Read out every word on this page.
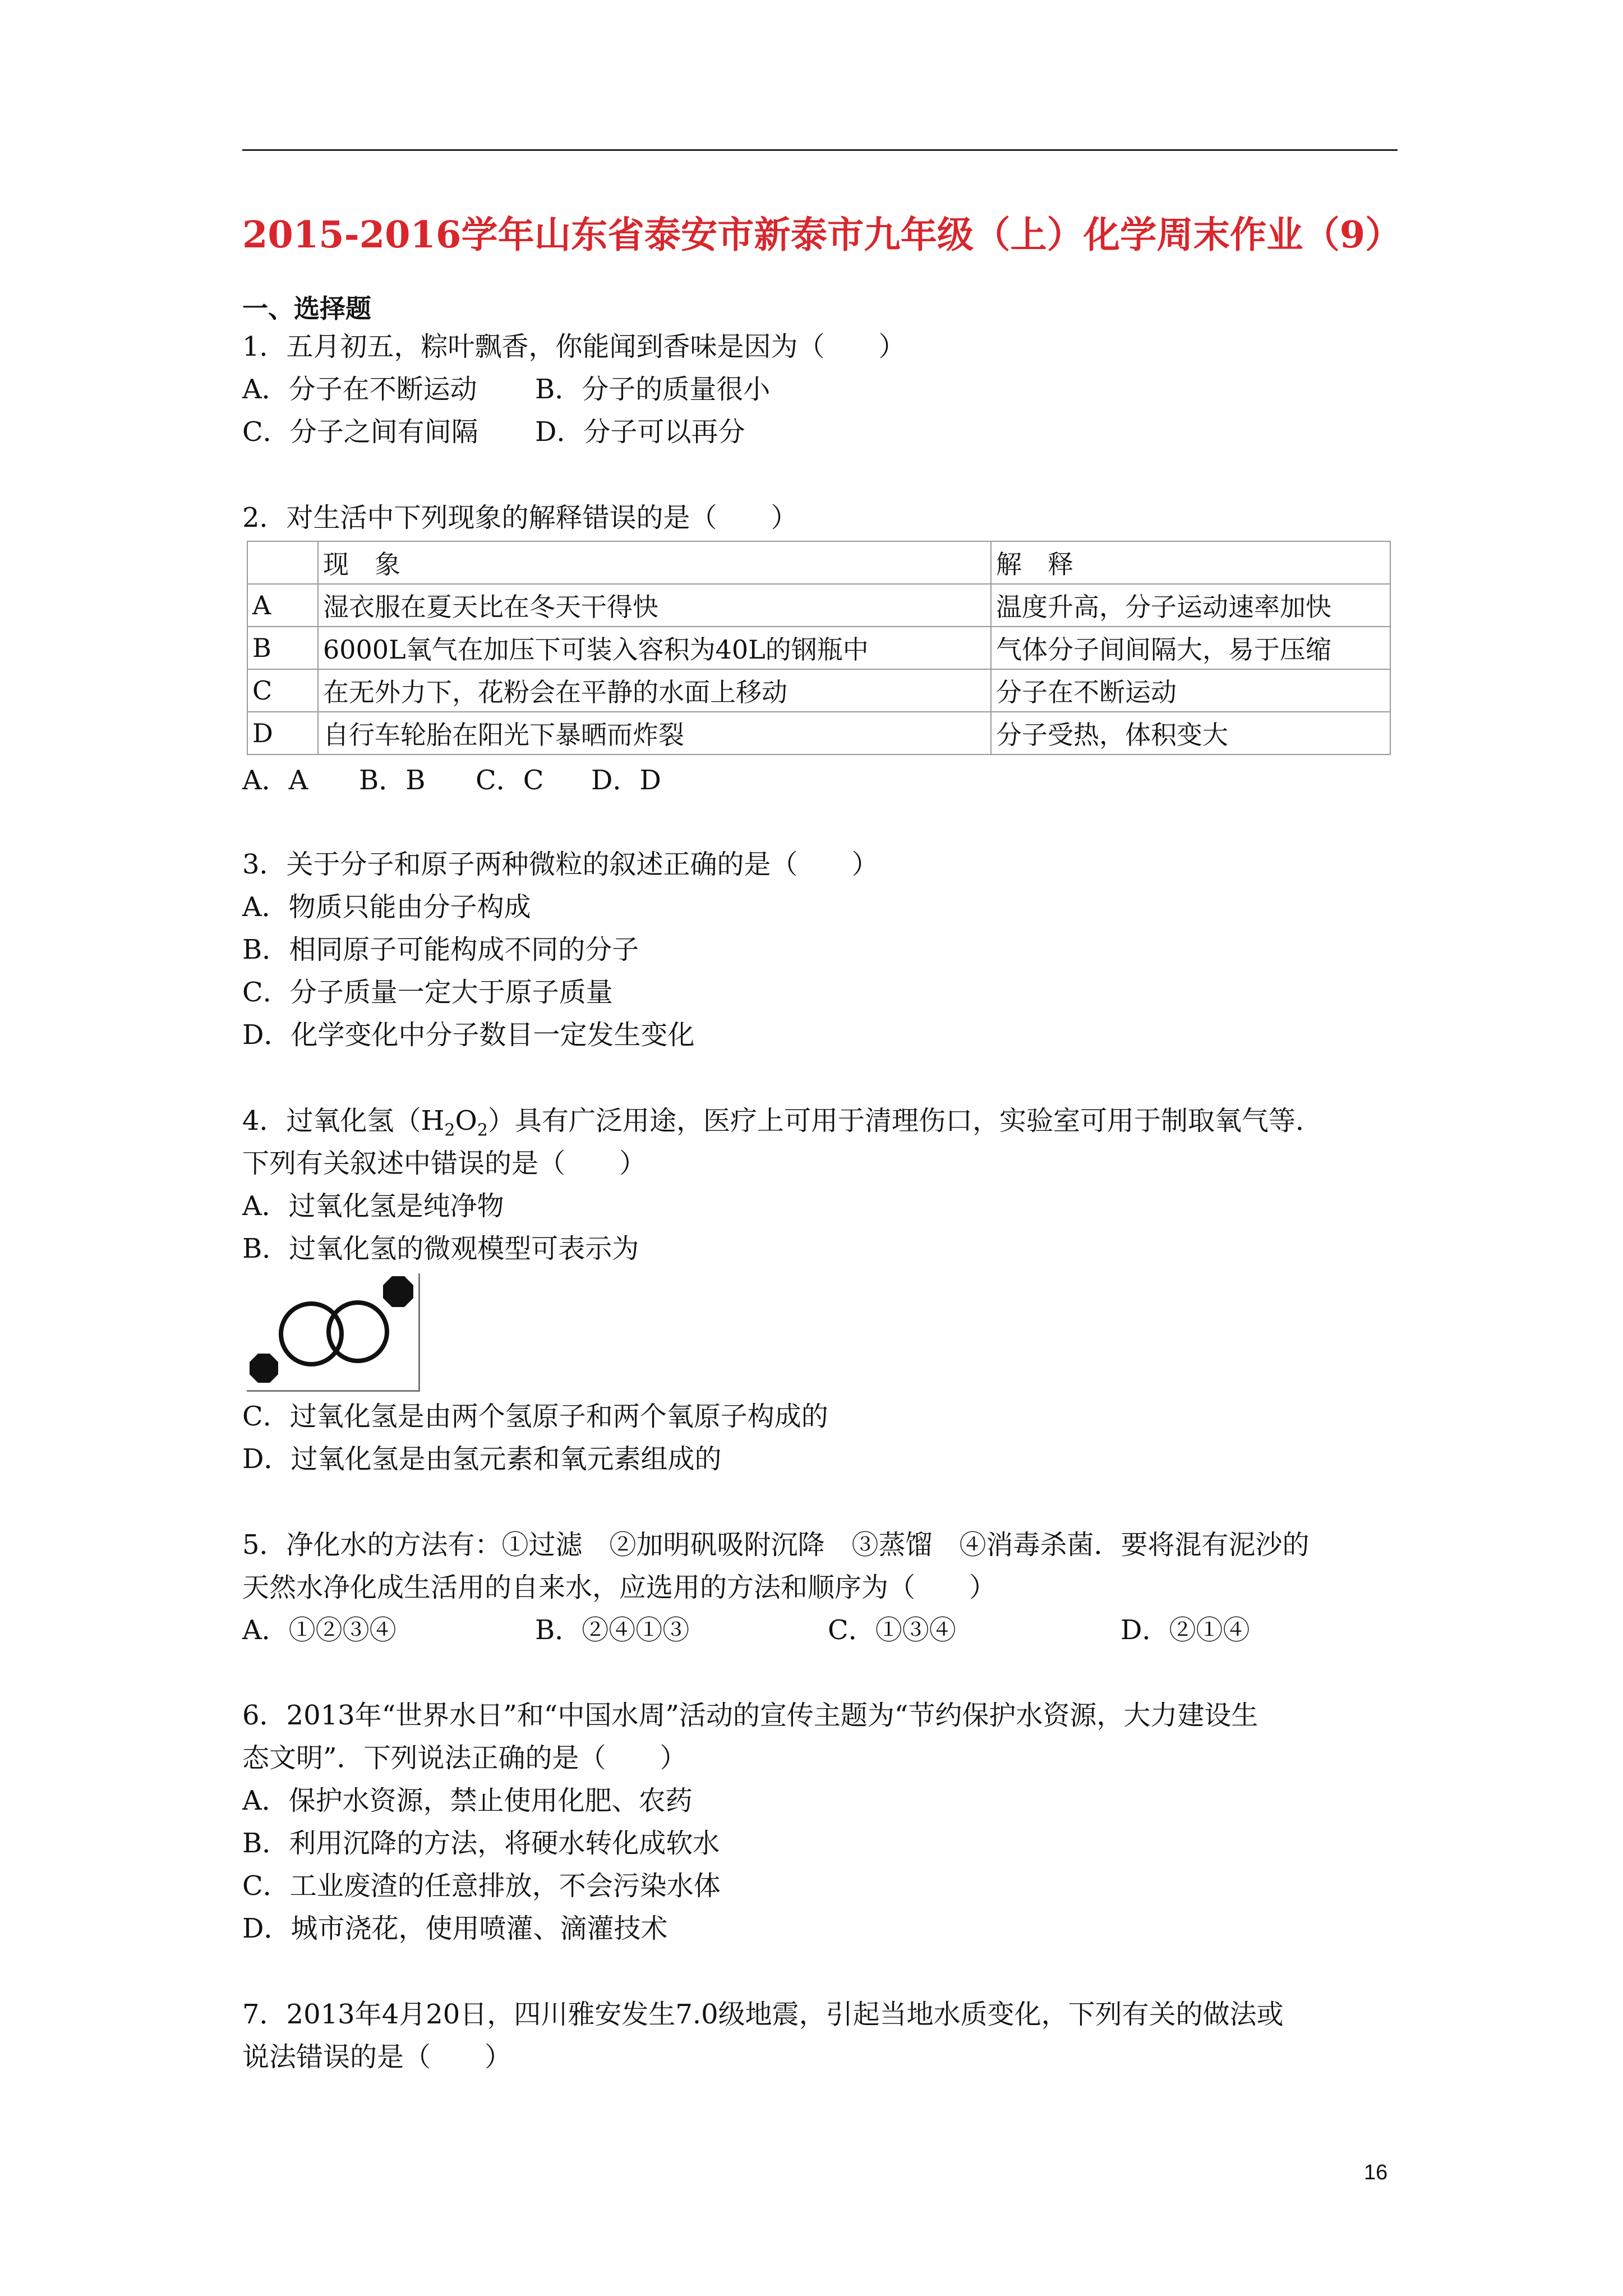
2015-2016学年山东省泰安市新泰市九年级（上）化学周末作业（9）
一、选择题
1．五月初五，粽叶飘香，你能闻到香味是因为（　　）
A．分子在不断运动 B．分子的质量很小
C．分子之间有间隔 D．分子可以再分
2．对生活中下列现象的解释错误的是（　　）
	现　象	解　释
A	湿衣服在夏天比在冬天干得快	温度升高，分子运动速率加快
B	6000L氧气在加压下可装入容积为40L的钢瓶中	气体分子间间隔大，易于压缩
C	在无外力下，花粉会在平静的水面上移动	分子在不断运动
D	自行车轮胎在阳光下暴晒而炸裂	分子受热，体积变大
A．A B．B C．C D．D
3．关于分子和原子两种微粒的叙述正确的是（　　）
A．物质只能由分子构成
B．相同原子可能构成不同的分子
C．分子质量一定大于原子质量
D．化学变化中分子数目一定发生变化
4．过氧化氢$(H_2O_2)$具有广泛用途，医疗上可用于清理伤口，实验室可用于制取氧气等．
下列有关叙述中错误的是（　　）
A．过氧化氢是纯净物
B．过氧化氢的微观模型可表示为
C．过氧化氢是由两个氢原子和两个氧原子构成的
D．过氧化氢是由氢元素和氧元素组成的
5．净化水的方法有：①过滤　②加明矾吸附沉降　③蒸馏　④消毒杀菌．要将混有泥沙的
天然水净化成生活用的自来水，应选用的方法和顺序为（　　）
A．①②③④	B．②④①③	C．①③④	D．②①④
6．2013年“世界水日”和“中国水周”活动的宣传主题为“节约保护水资源，大力建设生
态文明”．下列说法正确的是（　　）
A．保护水资源，禁止使用化肥、农药
B．利用沉降的方法，将硬水转化成软水
C．工业废渣的任意排放，不会污染水体
D．城市浇花，使用喷灌、滴灌技术
7．2013年4月20日，四川雅安发生7.0级地震，引起当地水质变化，下列有关的做法或
说法错误的是（　　）
16
